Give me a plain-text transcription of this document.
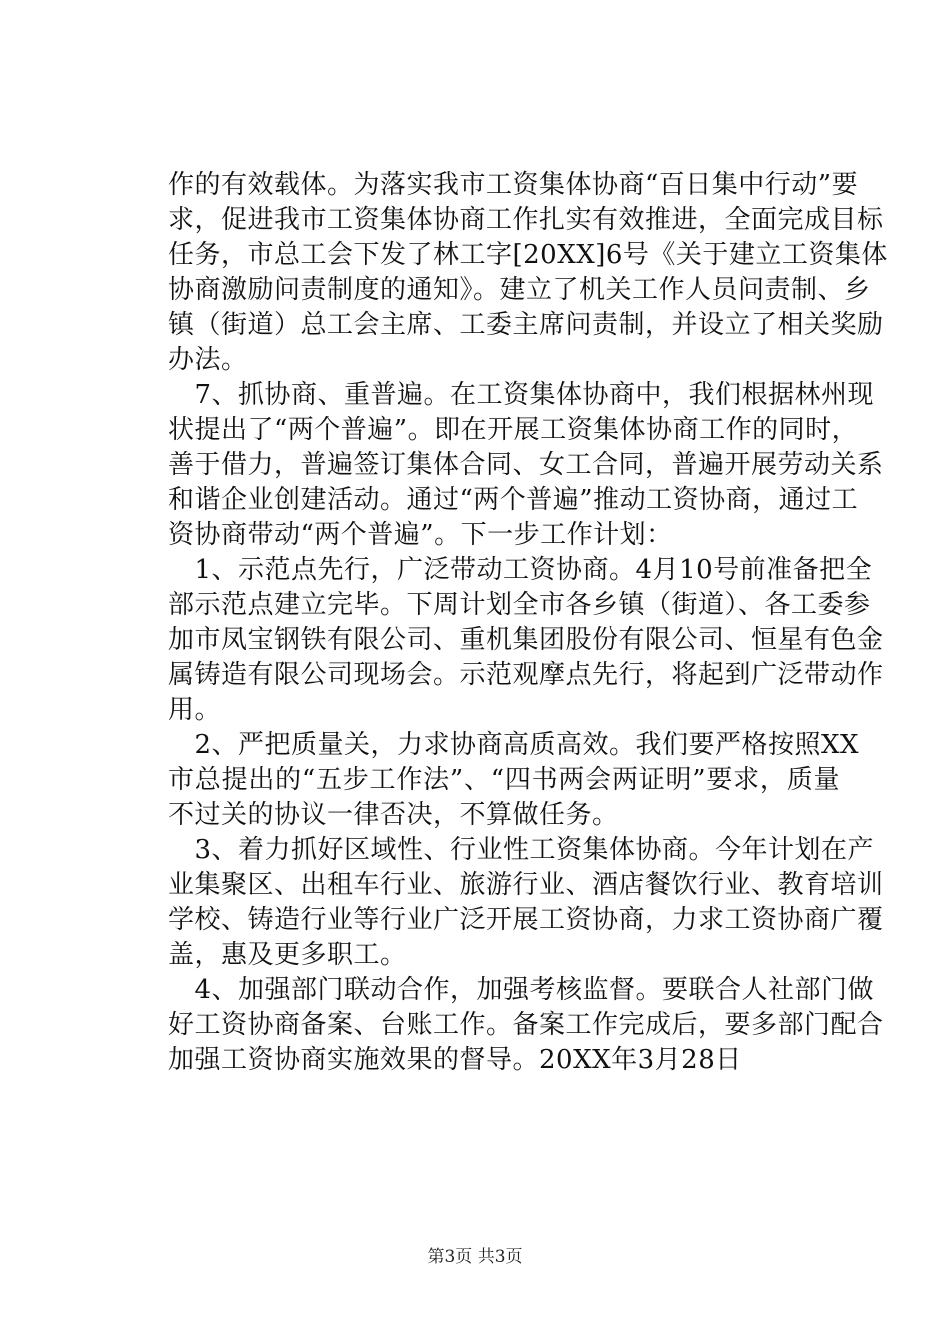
作的有效载体。为落实我市工资集体协商“百日集中行动”要
求，促进我市工资集体协商工作扎实有效推进，全面完成目标
任务，市总工会下发了林工字[20XX]6号《关于建立工资集体
协商激励问责制度的通知》。建立了机关工作人员问责制、乡
镇（街道）总工会主席、工委主席问责制，并设立了相关奖励
办法。
　7、抓协商、重普遍。在工资集体协商中，我们根据林州现
状提出了“两个普遍”。即在开展工资集体协商工作的同时，
善于借力，普遍签订集体合同、女工合同，普遍开展劳动关系
和谐企业创建活动。通过“两个普遍”推动工资协商，通过工
资协商带动“两个普遍”。下一步工作计划：
　1、示范点先行，广泛带动工资协商。4月10号前准备把全
部示范点建立完毕。下周计划全市各乡镇（街道）、各工委参
加市凤宝钢铁有限公司、重机集团股份有限公司、恒星有色金
属铸造有限公司现场会。示范观摩点先行，将起到广泛带动作
用。
　2、严把质量关，力求协商高质高效。我们要严格按照XX
市总提出的“五步工作法”、“四书两会两证明”要求，质量
不过关的协议一律否决，不算做任务。
　3、着力抓好区域性、行业性工资集体协商。今年计划在产
业集聚区、出租车行业、旅游行业、酒店餐饮行业、教育培训
学校、铸造行业等行业广泛开展工资协商，力求工资协商广覆
盖，惠及更多职工。
　4、加强部门联动合作，加强考核监督。要联合人社部门做
好工资协商备案、台账工作。备案工作完成后，要多部门配合
加强工资协商实施效果的督导。20XX年3月28日
第3页 共3页
